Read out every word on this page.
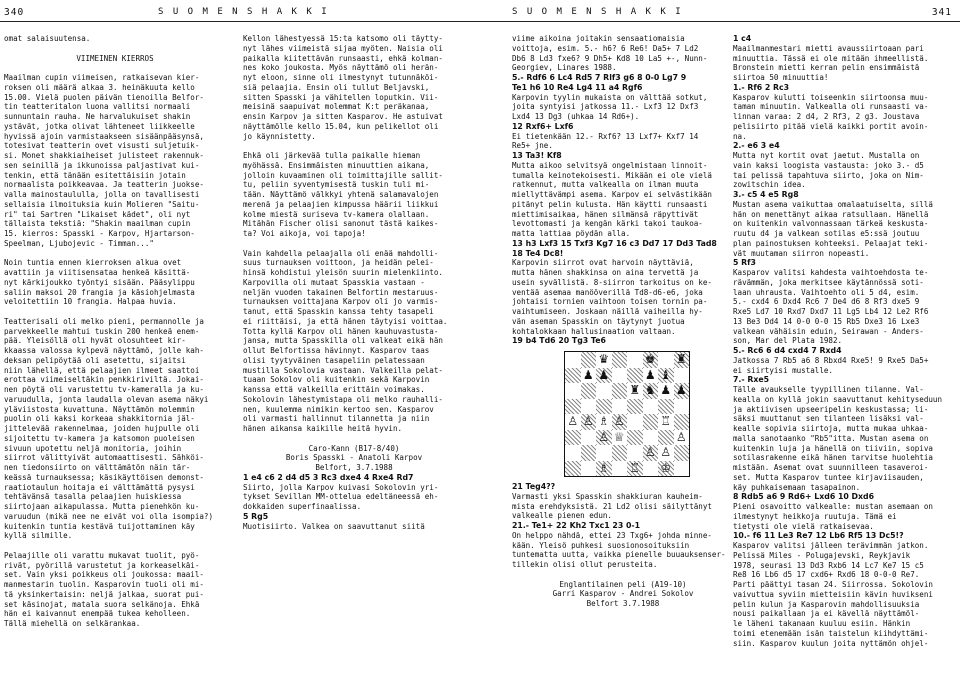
340	S U O M E N S H A K K I

omat salaisuutensa.

VIIMEINEN KIERROS

Maailman cupin viimeisen, ratkaisevan kier-
roksen oli määrä alkaa 3. heinäkuuta kello
15.00. Vielä puolen päivän tienoilla Belfor-
tin teatteritalon luona vallitsi normaali
sunnuntain rauha. Ne harvalukuiset shakin
ystävät, jotka olivat lähteneet liikkeelle
hyvissä ajoin varmistaakseen sisäänpääsynsä,
totesivat teatterin ovet visusti suljetuik-
si. Monet shakkiaiheiset julisteet rakennuk-
sen seinillä ja ikkunoissa paljastivat kui-
tenkin, että tänään esitettäisiin jotain
normaalista poikkeavaa. Ja teatterin juokse-
valla mainostaululla, jolla on tavallisesti
sellaisia ilmoituksia kuin Molieren "Saitu-
ri" tai Sartren "Likaiset kädet", oli nyt
tällaista tekstiä: "Shakin maailman cupin
15. kierros: Spasski - Karpov, Hjartarson-
Speelman, Ljubojevic - Timman..."

Noin tuntia ennen kierroksen alkua ovet
avattiin ja viitisensataa henkeä käsittä-
nyt kärkijoukko työntyi sisään. Pääsylippu
saliin maksoi 20 frangia ja käsiohjelmasta
veloitettiin 10 frangia. Halpaa huvia.

Teatterisali oli melko pieni, permannolle ja
parvekkeelle mahtui tuskin 200 henkeä enem-
pää. Yleisöllä oli hyvät olosuhteet kir-
kkaassa valossa kylpevä näyttämö, jolle kah-
deksan pelipöytää oli asetettu, sijaitsi
niin lähellä, että pelaajien ilmeet saattoi
erottaa viimeiseltäkin penkkiriviltä. Jokai-
nen pöytä oli varustettu tv-kameralla ja ku-
varuudulla, jonta laudalla olevan asema näkyi
yläviistosta kuvattuna. Näyttämön molemmin
puolin oli kaksi korkeaa shakkitornia jäl-
jittelevää rakennelmaa, joiden hujpulle oli
sijoitettu tv-kamera ja katsomon puoleisen
sivuun upotettu neljä monitoria, joihin
siirrot välittyivät automaattisesti. Sähköi-
nen tiedonsiirto on välttämätön näin tär-
keässä turnauksessa; käsikäyttöisen demonst-
raatiotaulun hoitaja ei välttämättä pysysi
tehtävänsä tasalla pelaajien huiskiessa
siirtojaan aikapulassa. Mutta pienehkön ku-
varuudun (mikä nee ne eivät voi olla isompia?)
kuitenkin tuntia kestävä tuijottaminen käy
kyllä silmille.

Pelaajille oli varattu mukavat tuolit, pyö-
rivät, pyörillä varustetut ja korkeaselkäi-
set. Vain yksi poikkeus oli joukossa: maail-
manmestarin tuolin. Kasparovin tuoli oli mi-
tä yksinkertaisin: neljä jalkaa, suorat pui-
set käsinojat, matala suora selkänoja. Ehkä
hän ei kaivannut enempää tukea keholleen.
Tällä miehellä on selkärankaa.

Kellon lähestyessä 15:ta katsomo oli täytty-
nyt lähes viimeistä sijaa myöten. Naisia oli
paikalla kiitettävän runsaasti, ehkä kolman-
nes koko joukosta. Myös näyttämö oli herän-
nyt eloon, sinne oli ilmestynyt tutunnäköi-
siä pelaajia. Ensin oli tullut Beljavski,
sitten Spasski ja vähitellen loputkin. Vii-
meisinä saapuivat molemmat K:t peräkanaa,
ensin Karpov ja sitten Kasparov. He astuivat
näyttämölle kello 15.04, kun pelikellot oli
jo käynnistetty.

Ehkä oli järkevää tulla paikalle hieman
myöhässä. Ensimmäisten minuuttien aikana,
jolloin kuvaaminen oli toimittajille sallit-
tu, peliin syventymisestä tuskin tuli mi-
tään. Näyttämö välkkyi yhtenä salamavalojen
merenä ja pelaajien kimpussa häärii liikkui
kolme miestä suriseva tv-kamera olallaan.
Mitähän Fischer olisi sanonut tästä kaikes-
ta? Voi aikoja, voi tapoja!

Vain kahdella pelaajalla oli enää mahdolli-
suus turnauksen voittoon, ja heidän pelei-
hinsä kohdistui yleisön suurin mielenkiinto.
Karpovilla oli mutaat Spasskia vastaan -
neljän vuoden takainen Belfortin mestaruus-
turnauksen voittajana Karpov oli jo varmis-
tanut, että Spasskin kanssa tehty tasapeli
ei riittäisi, ja että hänen täytyisi voittaa.
Totta kyllä Karpov oli hänen kauhuvastusta-
jansa, mutta Spasskilla oli valkeat eikä hän
ollut Belfortissa hävinnyt. Kasparov taas
olisi tyytyväinen tasapeliin pelatessaan
mustilla Sokolovia vastaan. Valkeilla pelat-
tuaan Sokolov oli kuitenkin sekä Karpovin
kanssa että valkeilla erittäin voimakas.
Sokolovin lähestymistapa oli melko rauhalli-
nen, kuulemma nimikin kertoo sen. Kasparov
oli varmasti hallinnut tilannetta ja niin
hänen aikansa kaikille heitä hyvin.

Caro-Kann (B17-8/40)

Boris Spasski - Anatoli Karpov

Belfort, 3.7.1988

1 e4 c6 2 d4 d5 3 Rc3 dxe4 4 Rxe4 Rd7

Siirto, jolla Karpov kuivasi Sokolovin yri-
tykset Sevillan MM-ottelua edeltäneessä eh-
dokkaiden superfinaalissa.

5 Rg5

Muotisiirto. Valkea on saavuttanut siitä

S U O M E N S H A K K I	341

viime aikoina joitakin sensaatiomaisia
voittoja, esim. 5.- h6? 6 Re6! Da5+ 7 Ld2
Db6 8 Ld3 fxe6? 9 Dh5+ Kd8 10 La5 +-, Nunn-
Georgiev, Linares 1988.

5.- Rdf6 6 Lc4 Rd5 7 Rlf3 g6 8 0-0 Lg7 9
Te1 h6 10 Re4 Lg4 11 a4 Rgf6

Karpovin tyylin mukaista on välttää sotkut,
joita syntyisi jatkossa 11.- Lxf3 12 Dxf3
Lxd4 13 Dg3 (uhkaa 14 Rd6+).

12 Rxf6+ Lxf6

Ei tietenkään 12.- Rxf6? 13 Lxf7+ Kxf7 14
Re5+ jne.

13 Ta3! Kf8

Mutta aikoo selvitsyä ongelmistaan linnoit-
tumalla keinotekoisesti. Mikään ei ole vielä
ratkennut, mutta valkealla on ilman muuta
miellyttävämpi asema. Karpov ei selvästikään
pitänyt pelin kulusta. Hän käytti runsaasti
miettimisaikaa, hänen silmänsä räpyttivät
levottomasti ja kengän kärki takoi taukoa-
matta lattiaa pöydän alla.

13 h3 Lxf3 15 Txf3 Kg7 16 c3 Dd7 17 Dd3 Tad8
18 Te4 Dc8!

Karpovin siirrot ovat harvoin näyttäviä,
mutta hänen shakkinsa on aina tervettä ja
usein syvällistä. 8-siirron tarkoitus on ke-
ventää asemaa manööverillä Td8-d6-e6, joka
johtaisi tornien vaihtoon toisen tornin pa-
vaihtumiseen. Joskaan näillä vaiheilla hy-
vän aseman Spasskin on täytynyt juotua
kohtalokkaan hallusinaation valtaan.

19 b4 Td6 20 Tg3 Te6

♛	♚ ♜
♟ ♟	♟ ♝
♜ ♞ ♟ ♟
♙ ♙ ♗ ♙	♖
♙ ♕	♙
♙ ♙
♗ ♖ ♔

21 Teg4??

Varmasti yksi Spasskin shakkiuran kauheim-
mista erehdyksistä. 21 Ld2 olisi säilyttänyt
valkealle pienen edun.

21.- Te1+ 22 Kh2 Txc1 23 0-1

On helppo nähdä, ettei 23 Txg6+ johda minne-
kään. Yleisö puhkesi suosionosoituksiin
tuntematta uutta, vaikka pienelle buuauksenser-
tillekin olisi ollut perusteita.

Englantilainen peli (A19-10)

Garri Kasparov - Andrei Sokolov

Belfort 3.7.1988

1 c4

Maailmanmestari mietti avaussiirtoaan pari
minuuttia. Tässä ei ole mitään ihmeellistä.
Bronstein mietti kerran pelin ensimmäistä
siirtoa 50 minuuttia!

1.- Rf6 2 Rc3

Kasparov kulutti toiseenkin siirtoonsa muu-
taman minuutin. Valkealla oli runsaasti va-
linnan varaa: 2 d4, 2 Rf3, 2 g3. Joustava
pelisiirto pitää vielä kaikki portit avoin-
na.

2.- e6 3 e4

Mutta nyt kortit ovat jaetut. Mustalla on
vain kaksi loogista vastausta: joko 3.- d5
tai pelissä tapahtuva siirto, joka on Nim-
zowitschin idea.

3.- c5 4 e5 Rg8

Mustan asema vaikuttaa omalaatuiselta, sillä
hän on menettänyt aikaa ratsullaan. Hänellä
on kuitenkin valvonnassaan tärkeä keskusta-
ruutu d4 ja valkean sotilas e5:ssä joutuu
plan painostuksen kohteeksi. Pelaajat teki-
vät muutaman siirron nopeasti.

5 Rf3

Kasparov valitsi kahdesta vaihtoehdosta te-
rävämmän, joka merkitsee käytännössä soti-
laan uhrausta. Vaihtoehto oli 5 d4, esim.
5.- cxd4 6 Dxd4 Rc6 7 De4 d6 8 Rf3 dxe5 9
Rxe5 Ld7 10 Rxd7 Dxd7 11 Lg5 Lb4 12 Le2 Rf6
13 Be3 Dd4 14 0-0 0-0 15 Rb5 Dxe3 16 Lxe3
valkean vähäisin eduin, Seirawan - Anders-
son, Mar del Plata 1982.

5.- Rc6 6 d4 cxd4 7 Rxd4

Jatkossa 7 Rb5 a6 8 Rbxd4 Rxe5! 9 Rxe5 Da5+
ei siirtyisi mustalle.

7.- Rxe5

Tälle avaukselle tyypillinen tilanne. Val-
kealla on kyllä jokin saavuttanut kehityseduun
ja aktiivisen upseeripelin keskustassa; li-
säksi muuttanut sen tilanteen lisäksi val-
kealle sopivia siirtoja, mutta mukaa uhkaa-
malla sanotaanko "Rb5"itta. Mustan asema on
kuitenkin luja ja hänellä on tiiviin, sopiva
sotilasrakenne eikä hänen tarvitse huolehtia
mistään. Asemat ovat suunnilleen tasaveroi-
set. Mutta Kasparov tuntee kirjaviisauden,
käy puhkaisemaan tasapainon.

8 Rdb5 a6 9 Rd6+ Lxd6 10 Dxd6

Pieni osavoitto valkealle: mustan asemaan on
ilmestynyt heikkoja ruutuja. Tämä ei
tietysti ole vielä ratkaisevaa.

10.- f6 11 Le3 Re7 12 Lb6 Rf5 13 Dc5!?

Kasparov valitsi jälleen terävimmän jatkon.
Pelissä Miles - Polugajevski, Reykjavik
1978, seurasi 13 Dd3 Rxb6 14 Lc7 Ke7 15 c5
Re8 16 Lb6 d5 17 cxd6+ Rxd6 18 0-0-0 Re7.
Parti päättyi tasan 24. Siirrossa. Sokolovin
vaivuttua syviin mietteisiin kävin huvikseni
pelin kulun ja Kasparovin mahdollisuuksia
nousi paikallaan ja ei kävellä näyttämöl-
le läheni takanaan kuuluu esiin. Hänkin
toimi etenemään isän taistelun kiihdyttämi-
siin. Kasparov kuulun joita nyttämön ohjel-
